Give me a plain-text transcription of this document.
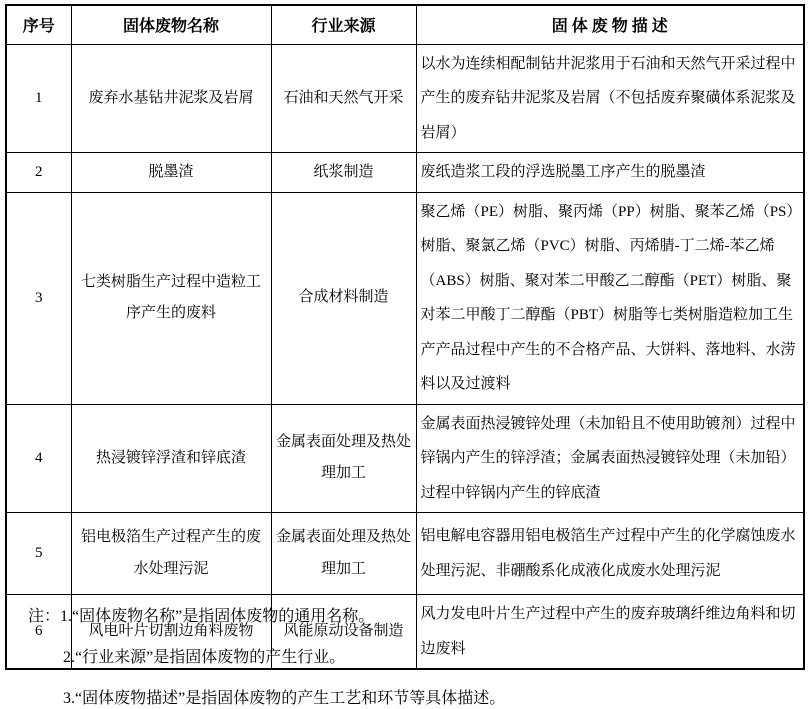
序号	固体废物名称	行业来源	固 体 废 物 描 述
1	废弃水基钻井泥浆及岩屑	石油和天然气开采	以水为连续相配制钻井泥浆用于石油和天然气开采过程中产生的废弃钻井泥浆及岩屑（不包括废弃聚磺体系泥浆及岩屑）
2	脱墨渣	纸浆制造	废纸造浆工段的浮选脱墨工序产生的脱墨渣
3	七类树脂生产过程中造粒工序产生的废料	合成材料制造	聚乙烯（PE）树脂、聚丙烯（PP）树脂、聚苯乙烯（PS）树脂、聚氯乙烯（PVC）树脂、丙烯腈-丁二烯-苯乙烯（ABS）树脂、聚对苯二甲酸乙二醇酯（PET）树脂、聚对苯二甲酸丁二醇酯（PBT）树脂等七类树脂造粒加工生产产品过程中产生的不合格产品、大饼料、落地料、水涝料以及过渡料
4	热浸镀锌浮渣和锌底渣	金属表面处理及热处理加工	金属表面热浸镀锌处理（未加铅且不使用助镀剂）过程中锌锅内产生的锌浮渣；金属表面热浸镀锌处理（未加铅）过程中锌锅内产生的锌底渣
5	铝电极箔生产过程产生的废水处理污泥	金属表面处理及热处理加工	铝电解电容器用铝电极箔生产过程中产生的化学腐蚀废水处理污泥、非硼酸系化成液化成废水处理污泥
6	风电叶片切割边角料废物	风能原动设备制造	风力发电叶片生产过程中产生的废弃玻璃纤维边角料和切边废料
注：1.“固体废物名称”是指固体废物的通用名称。
2.“行业来源”是指固体废物的产生行业。
3.“固体废物描述”是指固体废物的产生工艺和环节等具体描述。
